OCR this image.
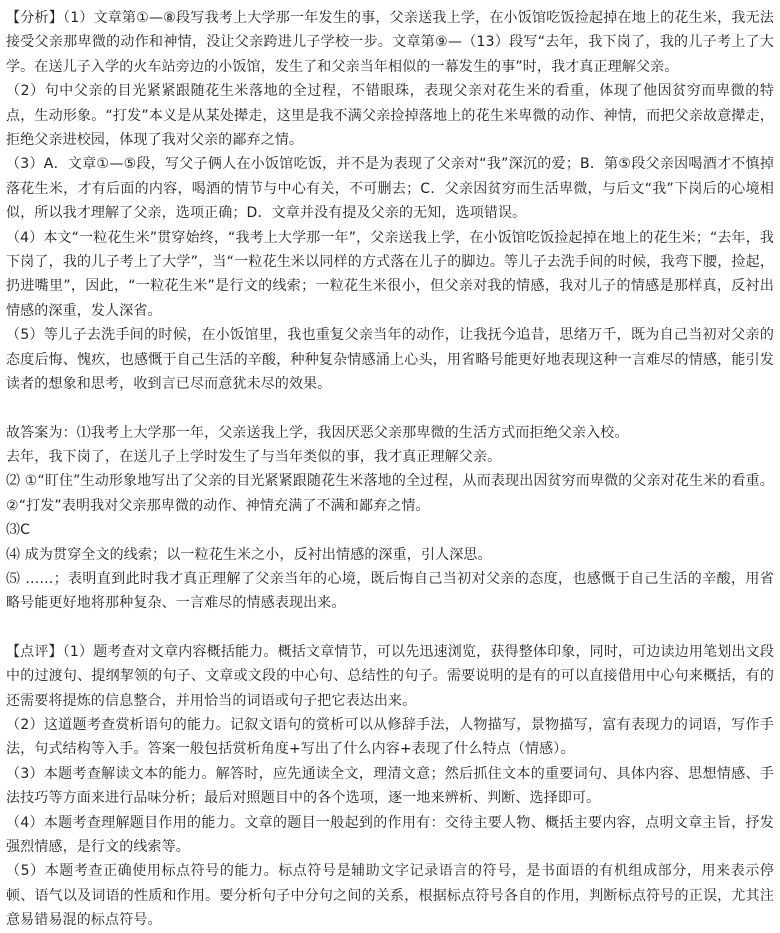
【分析】（1）文章第①—⑧段写我考上大学那一年发生的事，父亲送我上学，在小饭馆吃饭捡起掉在地上的花生米，我无法接受父亲那卑微的动作和神情，没让父亲跨进儿子学校一步。文章第⑨—（13）段写“去年，我下岗了，我的儿子考上了大学。在送儿子入学的火车站旁边的小饭馆，发生了和父亲当年相似的一幕发生的事”时，我才真正理解父亲。

（2）句中父亲的目光紧紧跟随花生米落地的全过程，不错眼珠，表现父亲对花生米的看重，体现了他因贫穷而卑微的特点，生动形象。“打发”本义是从某处撵走，这里是我不满父亲捡掉落地上的花生米卑微的动作、神情，而把父亲故意撵走，拒绝父亲进校园，体现了我对父亲的鄙弃之情。

（3）A．文章①—⑤段，写父子俩人在小饭馆吃饭，并不是为表现了父亲对“我”深沉的爱；B．第⑤段父亲因喝酒才不慎掉落花生米，才有后面的内容，喝酒的情节与中心有关，不可删去；C．父亲因贫穷而生活卑微，与后文“我”下岗后的心境相似，所以我才理解了父亲，选项正确；D．文章并没有提及父亲的无知，选项错误。

（4）本文“一粒花生米”贯穿始终，“我考上大学那一年”，父亲送我上学，在小饭馆吃饭捡起掉在地上的花生米；“去年，我下岗了，我的儿子考上了大学”，当“一粒花生米以同样的方式落在儿子的脚边。等儿子去洗手间的时候，我弯下腰，捡起，扔进嘴里”，因此，“一粒花生米”是行文的线索；一粒花生米很小，但父亲对我的情感，我对儿子的情感是那样真，反衬出情感的深重，发人深省。

（5）等儿子去洗手间的时候，在小饭馆里，我也重复父亲当年的动作，让我抚今追昔，思绪万千，既为自己当初对父亲的态度后悔、愧疚，也感慨于自己生活的辛酸，种种复杂情感涌上心头，用省略号能更好地表现这种一言难尽的情感，能引发读者的想象和思考，收到言已尽而意犹未尽的效果。

故答案为：⑴我考上大学那一年，父亲送我上学，我因厌恶父亲那卑微的生活方式而拒绝父亲入校。

去年，我下岗了，在送儿子上学时发生了与当年类似的事，我才真正理解父亲。

⑵ ①“盯住”生动形象地写出了父亲的目光紧紧跟随花生米落地的全过程，从而表现出因贫穷而卑微的父亲对花生米的看重。

②“打发”表明我对父亲那卑微的动作、神情充满了不满和鄙弃之情。

⑶C

⑷ 成为贯穿全文的线索；以一粒花生米之小，反衬出情感的深重，引人深思。

⑸ ……；表明直到此时我才真正理解了父亲当年的心境，既后悔自己当初对父亲的态度，也感慨于自己生活的辛酸，用省略号能更好地将那种复杂、一言难尽的情感表现出来。

【点评】（1）题考查对文章内容概括能力。概括文章情节，可以先迅速浏览，获得整体印象，同时，可边读边用笔划出文段中的过渡句、提纲挈领的句子、文章或文段的中心句、总结性的句子。需要说明的是有的可以直接借用中心句来概括，有的还需要将提炼的信息整合，并用恰当的词语或句子把它表达出来。

（2）这道题考查赏析语句的能力。记叙文语句的赏析可以从修辞手法，人物描写，景物描写，富有表现力的词语，写作手法，句式结构等入手。答案一般包括赏析角度+写出了什么内容+表现了什么特点（情感）。

（3）本题考查解读文本的能力。解答时，应先通读全文，理清文意；然后抓住文本的重要词句、具体内容、思想情感、手法技巧等方面来进行品味分析；最后对照题目中的各个选项，逐一地来辨析、判断、选择即可。

（4）本题考查理解题目作用的能力。文章的题目一般起到的作用有：交待主要人物、概括主要内容，点明文章主旨，抒发强烈情感，是行文的线索等。

（5）本题考查正确使用标点符号的能力。标点符号是辅助文字记录语言的符号，是书面语的有机组成部分，用来表示停顿、语气以及词语的性质和作用。要分析句子中分句之间的关系，根据标点符号各自的作用，判断标点符号的正误，尤其注意易错易混的标点符号。
